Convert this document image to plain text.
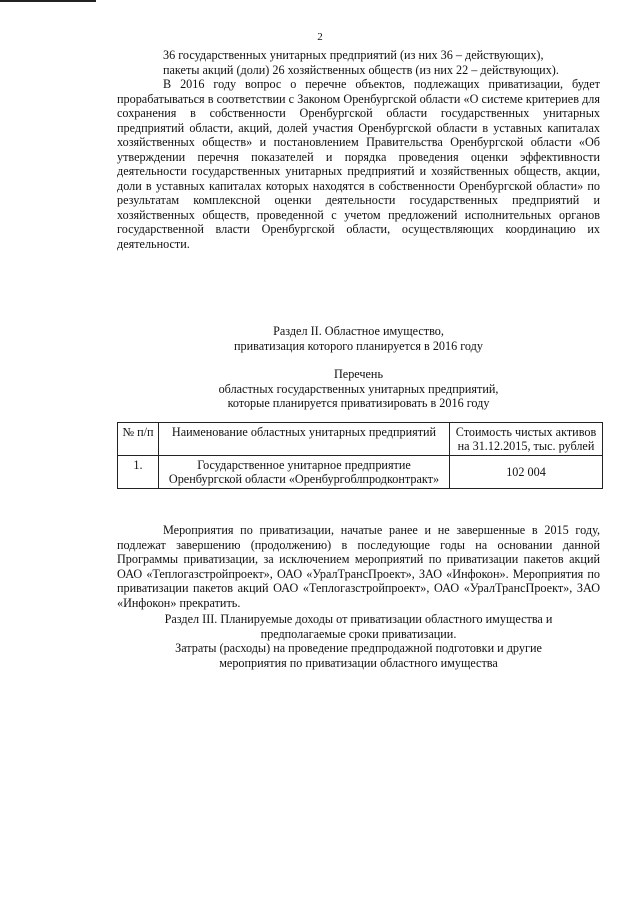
2

36 государственных унитарных предприятий (из них 36 – действующих),

пакеты акций (доли) 26 хозяйственных обществ (из них 22 – действующих).

В 2016 году вопрос о перечне объектов, подлежащих приватизации, будет прорабатываться в соответствии с Законом Оренбургской области «О системе критериев для сохранения в собственности Оренбургской области государственных унитарных предприятий области, акций, долей участия Оренбургской области в уставных капиталах хозяйственных обществ» и постановлением Правительства Оренбургской области «Об утверждении перечня показателей и порядка проведения оценки эффективности деятельности государственных унитарных предприятий и хозяйственных обществ, акции, доли в уставных капиталах которых находятся в собственности Оренбургской области» по результатам комплексной оценки деятельности государственных предприятий и хозяйственных обществ, проведенной с учетом предложений исполнительных органов государственной власти Оренбургской области, осуществляющих координацию их деятельности.

Раздел II. Областное имущество,

приватизация которого планируется в 2016 году

Перечень

областных государственных унитарных предприятий,

которые планируется приватизировать в 2016 году

№ п/п	Наименование областных унитарных предприятий	Стоимость чистых активов на 31.12.2015, тыс. рублей
1.	Государственное унитарное предприятие Оренбургской области «Оренбургоблпродконтракт»	102 004

Мероприятия по приватизации, начатые ранее и не завершенные в 2015 году, подлежат завершению (продолжению) в последующие годы на основании данной Программы приватизации, за исключением мероприятий по приватизации пакетов акций ОАО «Теплогазстройпроект», ОАО «УралТрансПроект», ЗАО «Инфокон». Мероприятия по приватизации пакетов акций ОАО «Теплогазстройпроект», ОАО «УралТрансПроект», ЗАО «Инфокон» прекратить.

Раздел III. Планируемые доходы от приватизации областного имущества и

предполагаемые сроки приватизации.

Затраты (расходы) на проведение предпродажной подготовки и другие

мероприятия по приватизации областного имущества
